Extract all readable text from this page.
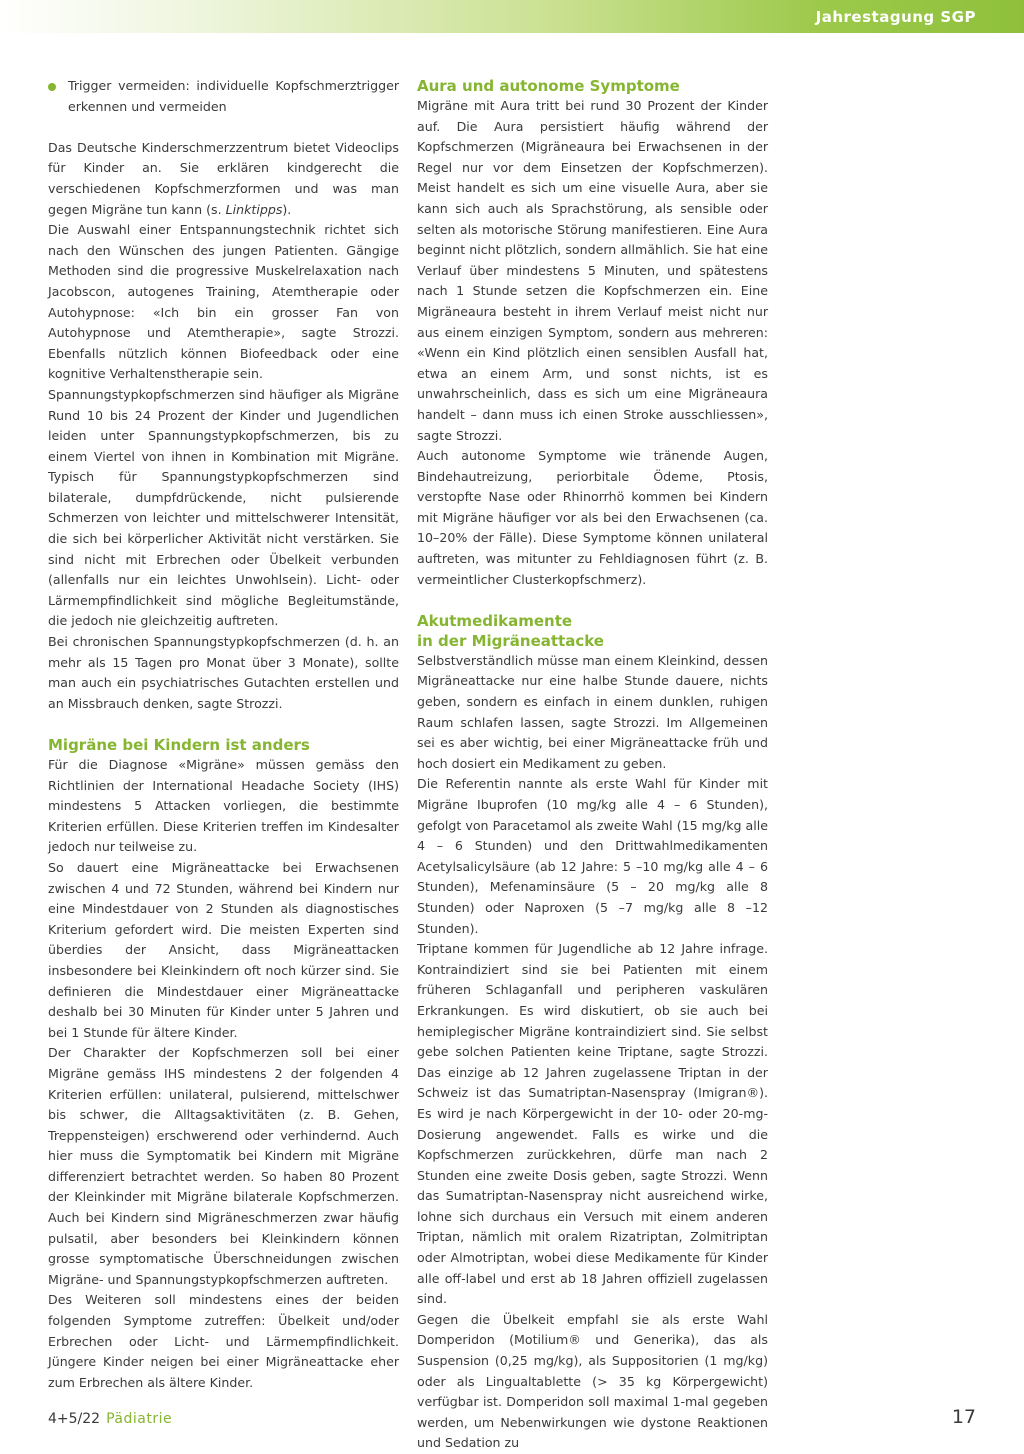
Jahrestagung SGP

Trigger vermeiden: individuelle Kopfschmerztrigger erkennen und vermeiden

Das Deutsche Kinderschmerzzentrum bietet Videoclips für Kinder an. Sie erklären kindgerecht die verschiedenen Kopfschmerzformen und was man gegen Migräne tun kann (s. Linktipps).

Die Auswahl einer Entspannungstechnik richtet sich nach den Wünschen des jungen Patienten. Gängige Methoden sind die progressive Muskelrelaxation nach Jacobscon, autogenes Training, Atemtherapie oder Autohypnose: «Ich bin ein grosser Fan von Autohypnose und Atemtherapie», sagte Strozzi. Ebenfalls nützlich können Biofeedback oder eine kognitive Verhaltenstherapie sein.

Spannungstypkopfschmerzen sind häufiger als Migräne Rund 10 bis 24 Prozent der Kinder und Jugendlichen leiden unter Spannungstypkopfschmerzen, bis zu einem Viertel von ihnen in Kombination mit Migräne. Typisch für Spannungstypkopfschmerzen sind bilaterale, dumpfdrückende, nicht pulsierende Schmerzen von leichter und mittelschwerer Intensität, die sich bei körperlicher Aktivität nicht verstärken. Sie sind nicht mit Erbrechen oder Übelkeit verbunden (allenfalls nur ein leichtes Unwohlsein). Licht- oder Lärmempfindlichkeit sind mögliche Begleitumstände, die jedoch nie gleichzeitig auftreten.

Bei chronischen Spannungstypkopfschmerzen (d. h. an mehr als 15 Tagen pro Monat über 3 Monate), sollte man auch ein psychiatrisches Gutachten erstellen und an Missbrauch denken, sagte Strozzi.

Migräne bei Kindern ist anders

Für die Diagnose «Migräne» müssen gemäss den Richtlinien der International Headache Society (IHS) mindestens 5 Attacken vorliegen, die bestimmte Kriterien erfüllen. Diese Kriterien treffen im Kindesalter jedoch nur teilweise zu.

So dauert eine Migräneattacke bei Erwachsenen zwischen 4 und 72 Stunden, während bei Kindern nur eine Mindestdauer von 2 Stunden als diagnostisches Kriterium gefordert wird. Die meisten Experten sind überdies der Ansicht, dass Migräneattacken insbesondere bei Kleinkindern oft noch kürzer sind. Sie definieren die Mindestdauer einer Migräneattacke deshalb bei 30 Minuten für Kinder unter 5 Jahren und bei 1 Stunde für ältere Kinder.

Der Charakter der Kopfschmerzen soll bei einer Migräne gemäss IHS mindestens 2 der folgenden 4 Kriterien erfüllen: unilateral, pulsierend, mittelschwer bis schwer, die Alltagsaktivitäten (z. B. Gehen, Treppensteigen) erschwerend oder verhindernd. Auch hier muss die Symptomatik bei Kindern mit Migräne differenziert betrachtet werden. So haben 80 Prozent der Kleinkinder mit Migräne bilaterale Kopfschmerzen. Auch bei Kindern sind Migräneschmerzen zwar häufig pulsatil, aber besonders bei Kleinkindern können grosse symptomatische Überschneidungen zwischen Migräne- und Spannungstypkopfschmerzen auftreten.

Des Weiteren soll mindestens eines der beiden folgenden Symptome zutreffen: Übelkeit und/oder Erbrechen oder Licht- und Lärmempfindlichkeit. Jüngere Kinder neigen bei einer Migräneattacke eher zum Erbrechen als ältere Kinder.

Aura und autonome Symptome

Migräne mit Aura tritt bei rund 30 Prozent der Kinder auf. Die Aura persistiert häufig während der Kopfschmerzen (Migräneaura bei Erwachsenen in der Regel nur vor dem Einsetzen der Kopfschmerzen). Meist handelt es sich um eine visuelle Aura, aber sie kann sich auch als Sprachstörung, als sensible oder selten als motorische Störung manifestieren. Eine Aura beginnt nicht plötzlich, sondern allmählich. Sie hat eine Verlauf über mindestens 5 Minuten, und spätestens nach 1 Stunde setzen die Kopfschmerzen ein. Eine Migräneaura besteht in ihrem Verlauf meist nicht nur aus einem einzigen Symptom, sondern aus mehreren: «Wenn ein Kind plötzlich einen sensiblen Ausfall hat, etwa an einem Arm, und sonst nichts, ist es unwahrscheinlich, dass es sich um eine Migräneaura handelt – dann muss ich einen Stroke ausschliessen», sagte Strozzi.

Auch autonome Symptome wie tränende Augen, Bindehautreizung, periorbitale Ödeme, Ptosis, verstopfte Nase oder Rhinorrhö kommen bei Kindern mit Migräne häufiger vor als bei den Erwachsenen (ca. 10–20% der Fälle). Diese Symptome können unilateral auftreten, was mitunter zu Fehldiagnosen führt (z. B. vermeintlicher Clusterkopfschmerz).

Akutmedikamente
in der Migräneattacke

Selbstverständlich müsse man einem Kleinkind, dessen Migräneattacke nur eine halbe Stunde dauere, nichts geben, sondern es einfach in einem dunklen, ruhigen Raum schlafen lassen, sagte Strozzi. Im Allgemeinen sei es aber wichtig, bei einer Migräneattacke früh und hoch dosiert ein Medikament zu geben.

Die Referentin nannte als erste Wahl für Kinder mit Migräne Ibuprofen (10 mg/kg alle 4 – 6 Stunden), gefolgt von Paracetamol als zweite Wahl (15 mg/kg alle 4 – 6 Stunden) und den Drittwahlmedikamenten Acetylsalicylsäure (ab 12 Jahre: 5 –10 mg/kg alle 4 – 6 Stunden), Mefenaminsäure (5 – 20 mg/kg alle 8 Stunden) oder Naproxen (5 –7 mg/kg alle 8 –12 Stunden).

Triptane kommen für Jugendliche ab 12 Jahre infrage. Kontraindiziert sind sie bei Patienten mit einem früheren Schlaganfall und peripheren vaskulären Erkrankungen. Es wird diskutiert, ob sie auch bei hemiplegischer Migräne kontraindiziert sind. Sie selbst gebe solchen Patienten keine Triptane, sagte Strozzi. Das einzige ab 12 Jahren zugelassene Triptan in der Schweiz ist das Sumatriptan-Nasenspray (Imigran®). Es wird je nach Körpergewicht in der 10- oder 20-mg-Dosierung angewendet. Falls es wirke und die Kopfschmerzen zurückkehren, dürfe man nach 2 Stunden eine zweite Dosis geben, sagte Strozzi. Wenn das Sumatriptan-Nasenspray nicht ausreichend wirke, lohne sich durchaus ein Versuch mit einem anderen Triptan, nämlich mit oralem Rizatriptan, Zolmitriptan oder Almotriptan, wobei diese Medikamente für Kinder alle off-label und erst ab 18 Jahren offiziell zugelassen sind.

Gegen die Übelkeit empfahl sie als erste Wahl Domperidon (Motilium® und Generika), das als Suspension (0,25 mg/kg), als Suppositorien (1 mg/kg) oder als Lingualtablette (> 35 kg Körpergewicht) verfügbar ist. Domperidon soll maximal 1-mal gegeben werden, um Nebenwirkungen wie dystone Reaktionen und Sedation zu

4+5/22 Pädiatrie	17
